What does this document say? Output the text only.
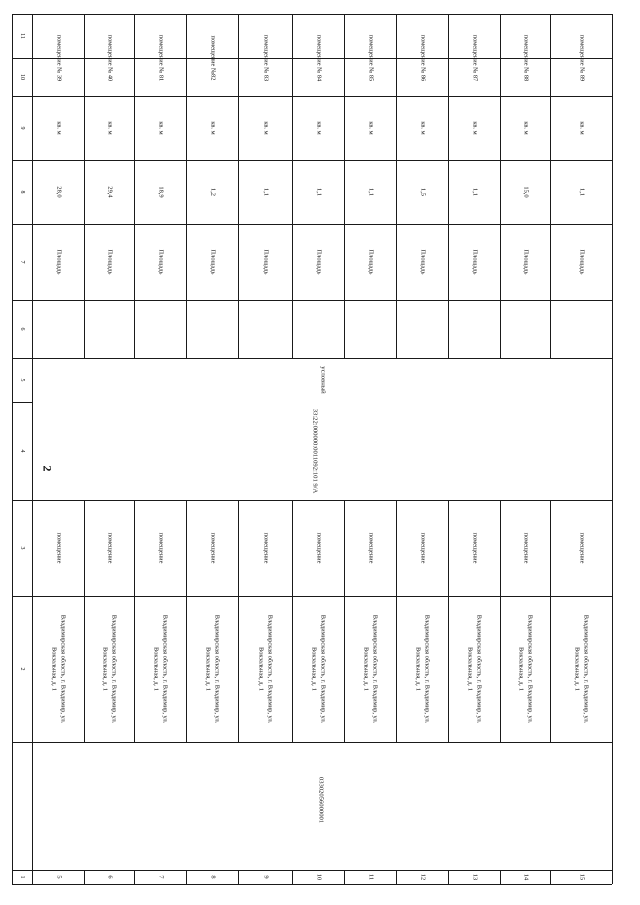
2
1
2
3
4
5
6
7
8
9
10
11
5
Владимирская область, г. Владимир, ул. Вокзальная, д. 1
помещение
Площадь
28,0
кв. м
помещение № 39
6
Владимирская область, г. Владимир, ул. Вокзальная, д. 1
помещение
Площадь
29,4
кв. м
помещение № 40
7
Владимирская область, г. Владимир, ул. Вокзальная, д. 1
помещение
Площадь
18,9
кв. м
помещение № 81
8
Владимирская область, г. Владимир, ул. Вокзальная, д. 1
помещение
Площадь
1,2
кв. м
помещение №82
9
Владимирская область, г. Владимир, ул. Вокзальная, д. 1
помещение
Площадь
1,1
кв. м
помещение № 83
10
Владимирская область, г. Владимир, ул. Вокзальная, д. 1
помещение
Площадь
1,1
кв. м
помещение № 84
11
Владимирская область, г. Владимир, ул. Вокзальная, д. 1
помещение
Площадь
1,1
кв. м
помещение № 85
12
Владимирская область, г. Владимир, ул. Вокзальная, д. 1
помещение
Площадь
1,5
кв. м
помещение № 86
13
Владимирская область, г. Владимир, ул. Вокзальная, д. 1
помещение
Площадь
1,1
кв. м
помещение № 87
14
Владимирская область, г. Владимир, ул. Вокзальная, д. 1
помещение
Площадь
15,0
кв. м
помещение № 88
15
Владимирская область, г. Владимир, ул. Вокзальная, д. 1
помещение
Площадь
1,1
кв. м
помещение № 89
33:22:000000:0011092:101 9/А
условный
03302056000001
